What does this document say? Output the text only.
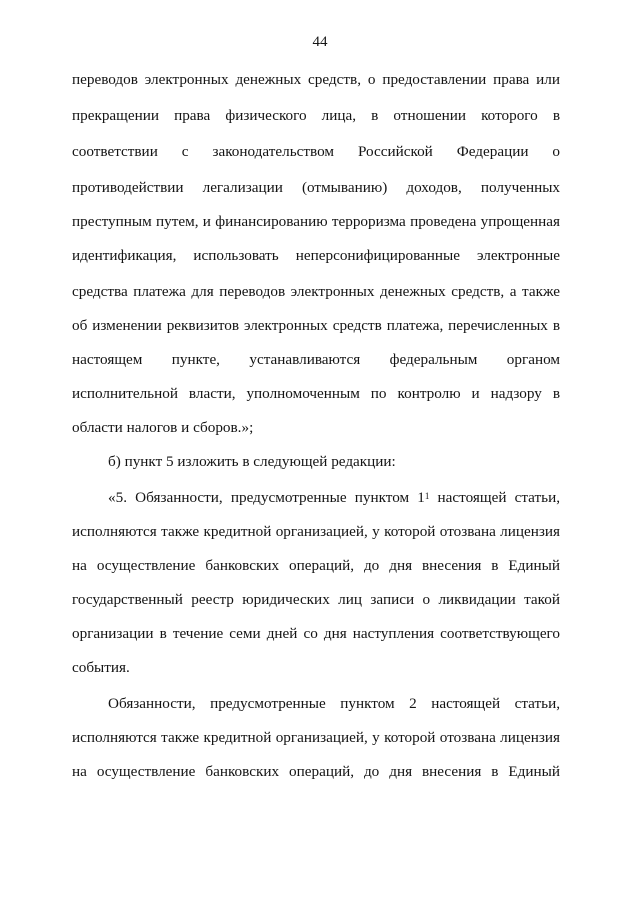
44
переводов электронных денежных средств, о предоставлении права или
прекращении права физического лица, в отношении которого в
соответствии с законодательством Российской Федерации о
противодействии легализации (отмыванию) доходов, полученных
преступным путем, и финансированию терроризма проведена упрощенная
идентификация, использовать неперсонифицированные электронные
средства платежа для переводов электронных денежных средств, а также
об изменении реквизитов электронных средств платежа, перечисленных в
настоящем пункте, устанавливаются федеральным органом
исполнительной власти, уполномоченным по контролю и надзору в
области налогов и сборов.»;
б) пункт 5 изложить в следующей редакции:
«5. Обязанности, предусмотренные пунктом $1^1$ настоящей статьи,
исполняются также кредитной организацией, у которой отозвана лицензия
на осуществление банковских операций, до дня внесения в Единый
государственный реестр юридических лиц записи о ликвидации такой
организации в течение семи дней со дня наступления соответствующего
события.
Обязанности, предусмотренные пунктом 2 настоящей статьи,
исполняются также кредитной организацией, у которой отозвана лицензия
на осуществление банковских операций, до дня внесения в Единый
